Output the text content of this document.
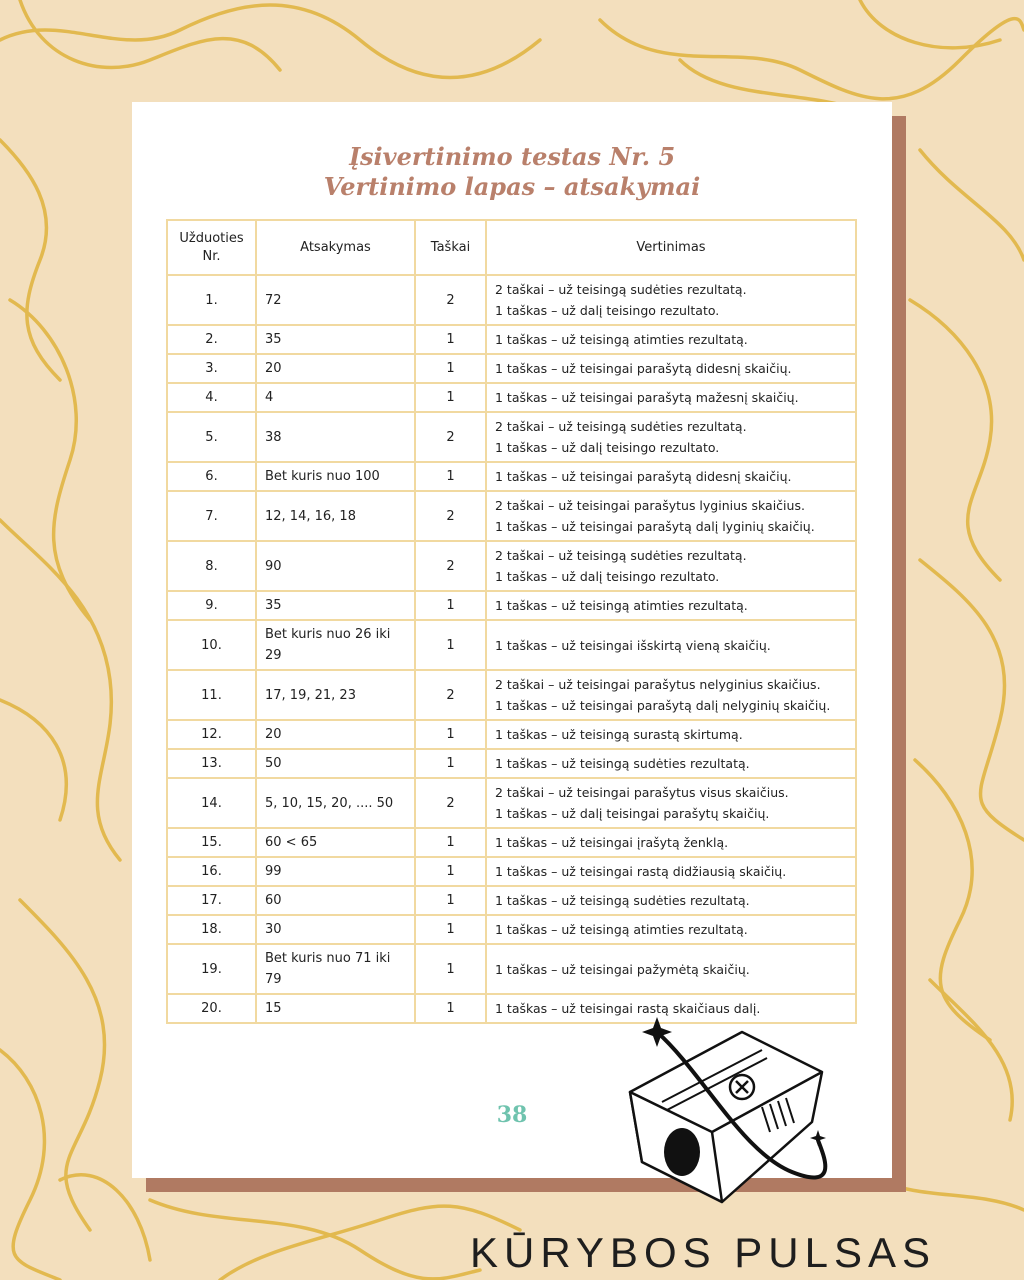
Įsivertinimo testas Nr. 5

Vertinimo lapas – atsakymai

Užduoties Nr.	Atsakymas	Taškai	Vertinimas
1.	72	2	2 taškai – už teisingą sudėties rezultatą.
1 taškas – už dalį teisingo rezultato.

2.	35	1	1 taškas – už teisingą atimties rezultatą.

3.	20	1	1 taškas – už teisingai parašytą didesnį skaičių.

4.	4	1	1 taškas – už teisingai parašytą mažesnį skaičių.

5.	38	2	2 taškai – už teisingą sudėties rezultatą.
1 taškas – už dalį teisingo rezultato.

6.	Bet kuris nuo 100	1	1 taškas – už teisingai parašytą didesnį skaičių.

7.	12, 14, 16, 18	2	2 taškai – už teisingai parašytus lyginius skaičius.
1 taškas – už teisingai parašytą dalį lyginių skaičių.

8.	90	2	2 taškai – už teisingą sudėties rezultatą.
1 taškas – už dalį teisingo rezultato.

9.	35	1	1 taškas – už teisingą atimties rezultatą.

10.	Bet kuris nuo 26 iki 29	1	1 taškas – už teisingai išskirtą vieną skaičių.

11.	17, 19, 21, 23	2	2 taškai – už teisingai parašytus nelyginius skaičius.
1 taškas – už teisingai parašytą dalį nelyginių skaičių.

12.	20	1	1 taškas – už teisingą surastą skirtumą.

13.	50	1	1 taškas – už teisingą sudėties rezultatą.

14.	5, 10, 15, 20, .... 50	2	2 taškai – už teisingai parašytus visus skaičius.
1 taškas – už dalį teisingai parašytų skaičių.

15.	60 < 65	1	1 taškas – už teisingai įrašytą ženklą.

16.	99	1	1 taškas – už teisingai rastą didžiausią skaičių.

17.	60	1	1 taškas – už teisingą sudėties rezultatą.

18.	30	1	1 taškas – už teisingą atimties rezultatą.

19.	Bet kuris nuo 71 iki 79	1	1 taškas – už teisingai pažymėtą skaičių.

20.	15	1	1 taškas – už teisingai rastą skaičiaus dalį.
38
KŪRYBOS PULSAS
